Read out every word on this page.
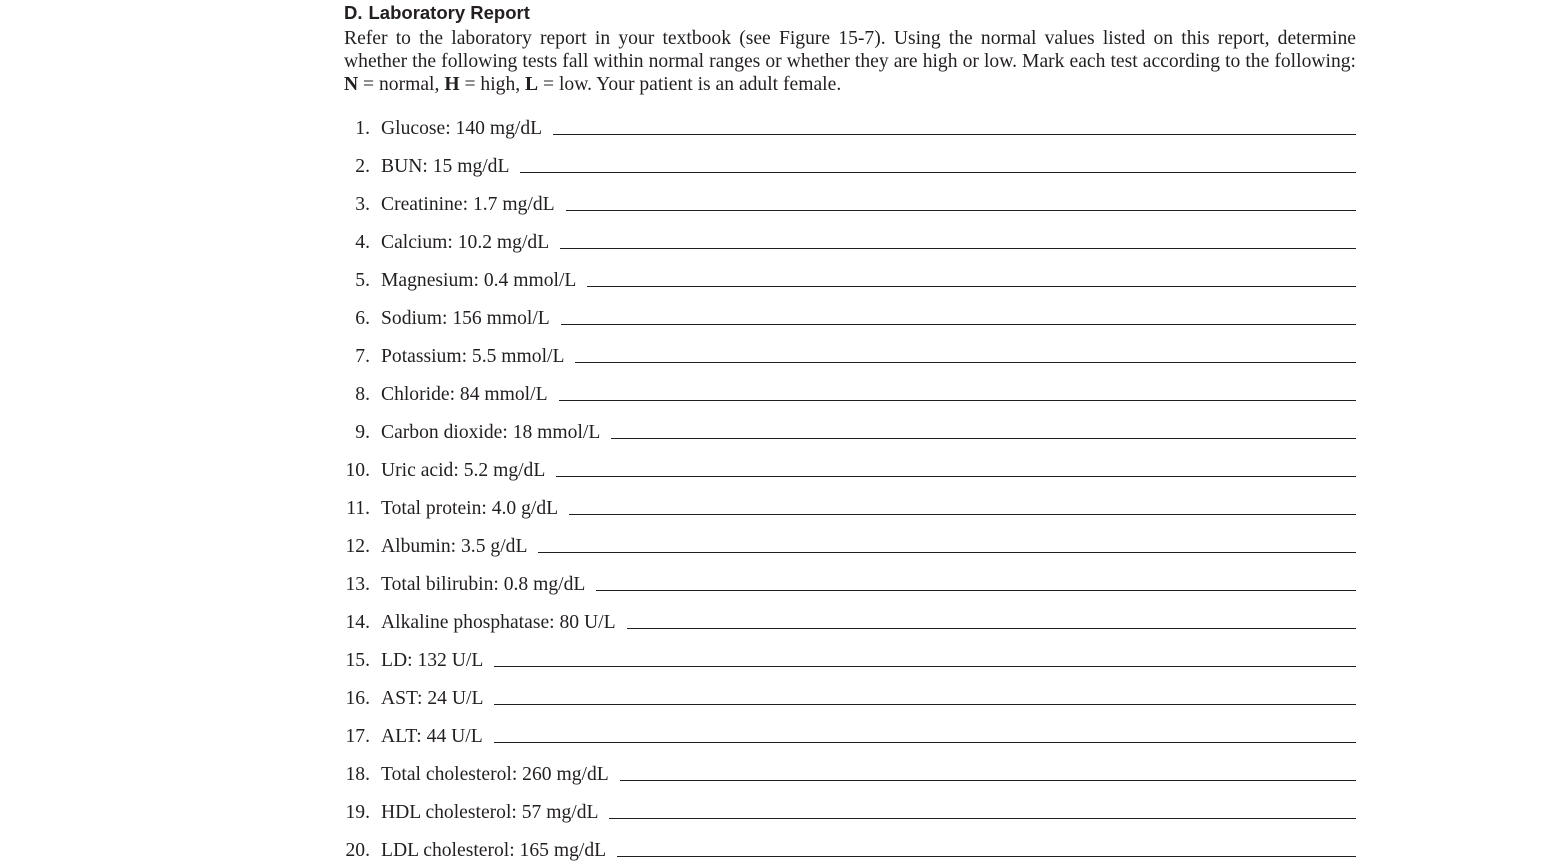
D. Laboratory Report

Refer to the laboratory report in your textbook (see Figure 15-7). Using the normal values listed on this report, determine whether the following tests fall within normal ranges or whether they are high or low. Mark each test according to the following: N = normal, H = high, L = low. Your patient is an adult female.

1. Glucose: 140 mg/dL
2. BUN: 15 mg/dL
3. Creatinine: 1.7 mg/dL
4. Calcium: 10.2 mg/dL
5. Magnesium: 0.4 mmol/L
6. Sodium: 156 mmol/L
7. Potassium: 5.5 mmol/L
8. Chloride: 84 mmol/L
9. Carbon dioxide: 18 mmol/L
10. Uric acid: 5.2 mg/dL
11. Total protein: 4.0 g/dL
12. Albumin: 3.5 g/dL
13. Total bilirubin: 0.8 mg/dL
14. Alkaline phosphatase: 80 U/L
15. LD: 132 U/L
16. AST: 24 U/L
17. ALT: 44 U/L
18. Total cholesterol: 260 mg/dL
19. HDL cholesterol: 57 mg/dL
20. LDL cholesterol: 165 mg/dL
